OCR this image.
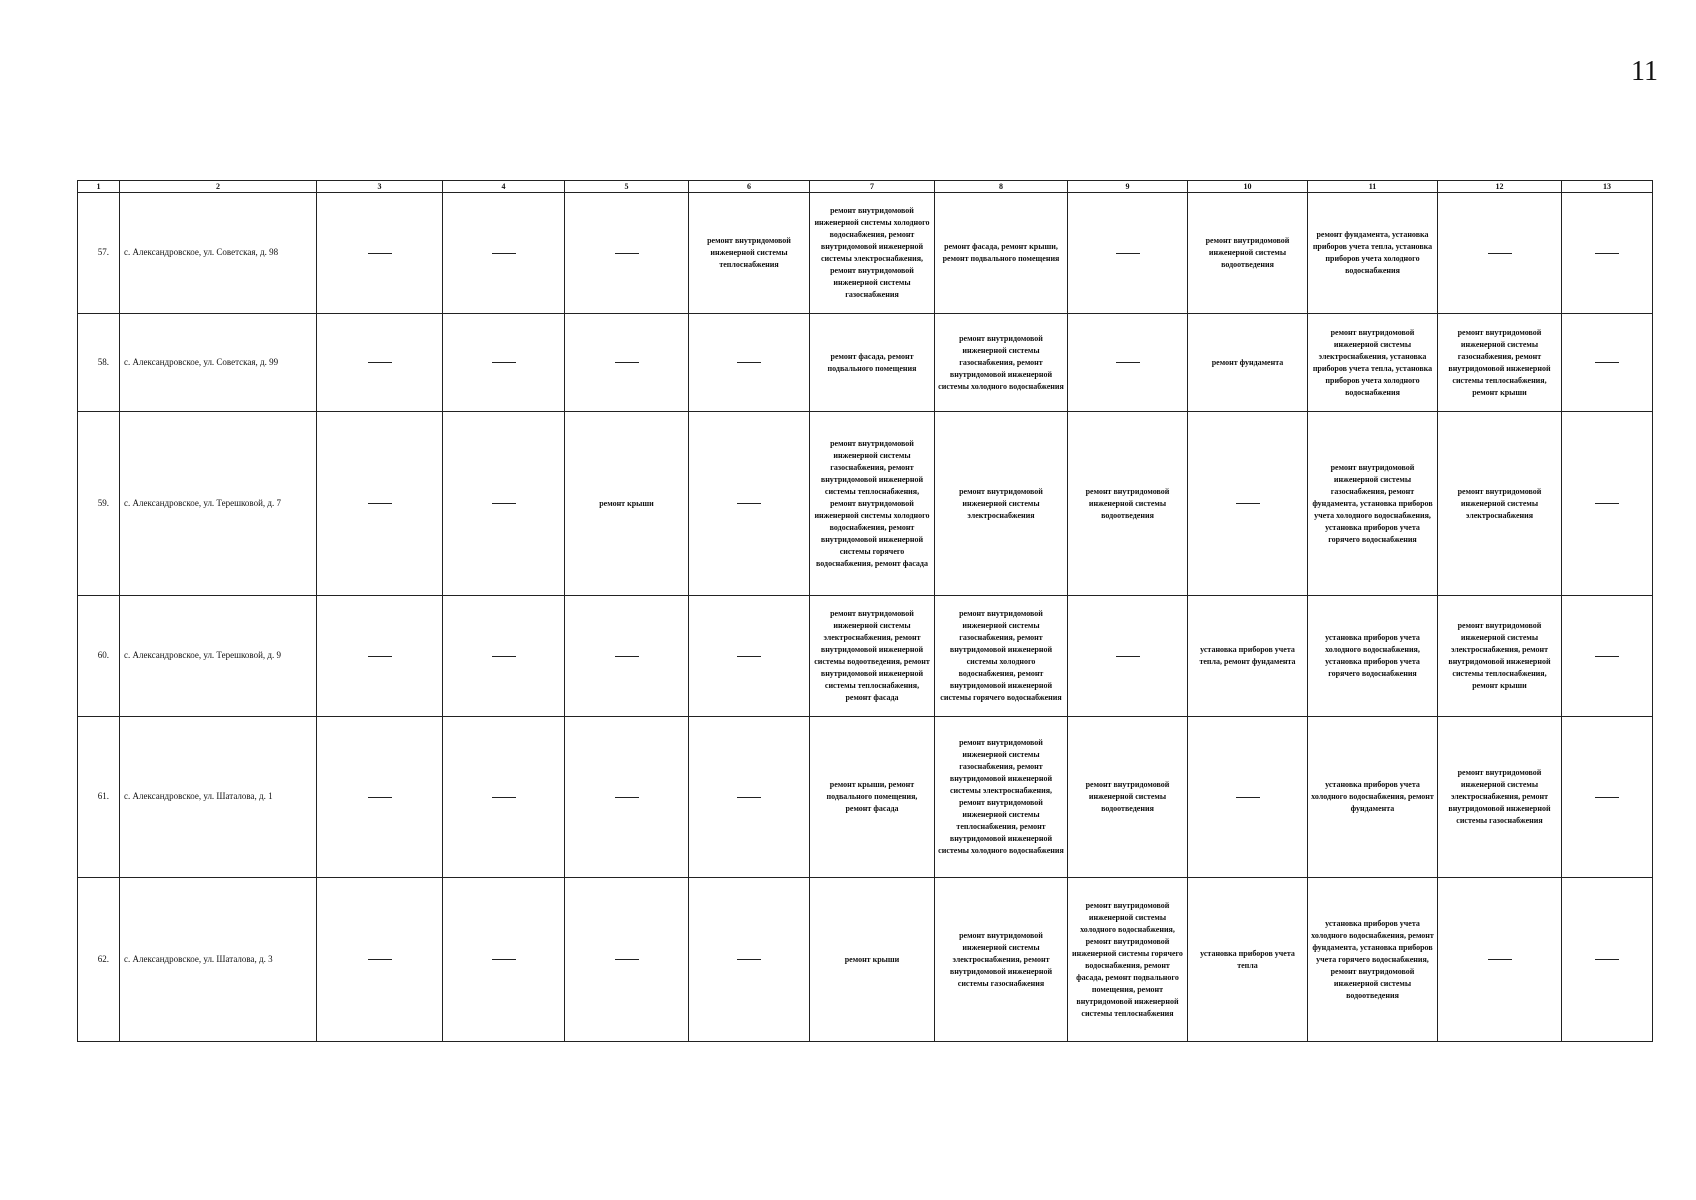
11
1	2	3	4	5	6	7	8	9	10	11	12	13
57.	с. Александровское, ул. Советская, д. 98				ремонт внутридомовой инженерной системы теплоснабжения	ремонт внутридомовой инженерной системы холодного водоснабжения, ремонт внутридомовой инженерной системы электроснабжения, ремонт внутридомовой инженерной системы газоснабжения	ремонт фасада, ремонт крыши, ремонт подвального помещения		ремонт внутридомовой инженерной системы водоотведения	ремонт фундамента, установка приборов учета тепла, установка приборов учета холодного водоснабжения		
58.	с. Александровское, ул. Советская, д. 99					ремонт фасада, ремонт подвального помещения	ремонт внутридомовой инженерной системы газоснабжения, ремонт внутридомовой инженерной системы холодного водоснабжения		ремонт фундамента	ремонт внутридомовой инженерной системы электроснабжения, установка приборов учета тепла, установка приборов учета холодного водоснабжения	ремонт внутридомовой инженерной системы газоснабжения, ремонт внутридомовой инженерной системы теплоснабжения, ремонт крыши	
59.	с. Александровское, ул. Терешковой, д. 7			ремонт крыши		ремонт внутридомовой инженерной системы газоснабжения, ремонт внутридомовой инженерной системы теплоснабжения, ремонт внутридомовой инженерной системы холодного водоснабжения, ремонт внутридомовой инженерной системы горячего водоснабжения, ремонт фасада	ремонт внутридомовой инженерной системы электроснабжения	ремонт внутридомовой инженерной системы водоотведения		ремонт внутридомовой инженерной системы газоснабжения, ремонт фундамента, установка приборов учета холодного водоснабжения, установка приборов учета горячего водоснабжения	ремонт внутридомовой инженерной системы электроснабжения	
60.	с. Александровское, ул. Терешковой, д. 9					ремонт внутридомовой инженерной системы электроснабжения, ремонт внутридомовой инженерной системы водоотведения, ремонт внутридомовой инженерной системы теплоснабжения, ремонт фасада	ремонт внутридомовой инженерной системы газоснабжения, ремонт внутридомовой инженерной системы холодного водоснабжения, ремонт внутридомовой инженерной системы горячего водоснабжения		установка приборов учета тепла, ремонт фундамента	установка приборов учета холодного водоснабжения, установка приборов учета горячего водоснабжения	ремонт внутридомовой инженерной системы электроснабжения, ремонт внутридомовой инженерной системы теплоснабжения, ремонт крыши	
61.	с. Александровское, ул. Шаталова, д. 1					ремонт крыши, ремонт подвального помещения, ремонт фасада	ремонт внутридомовой инженерной системы газоснабжения, ремонт внутридомовой инженерной системы электроснабжения, ремонт внутридомовой инженерной системы теплоснабжения, ремонт внутридомовой инженерной системы холодного водоснабжения	ремонт внутридомовой инженерной системы водоотведения		установка приборов учета холодного водоснабжения, ремонт фундамента	ремонт внутридомовой инженерной системы электроснабжения, ремонт внутридомовой инженерной системы газоснабжения	
62.	с. Александровское, ул. Шаталова, д. 3					ремонт крыши	ремонт внутридомовой инженерной системы электроснабжения, ремонт внутридомовой инженерной системы газоснабжения	ремонт внутридомовой инженерной системы холодного водоснабжения, ремонт внутридомовой инженерной системы горячего водоснабжения, ремонт фасада, ремонт подвального помещения, ремонт внутридомовой инженерной системы теплоснабжения	установка приборов учета тепла	установка приборов учета холодного водоснабжения, ремонт фундамента, установка приборов учета горячего водоснабжения, ремонт внутридомовой инженерной системы водоотведения		
